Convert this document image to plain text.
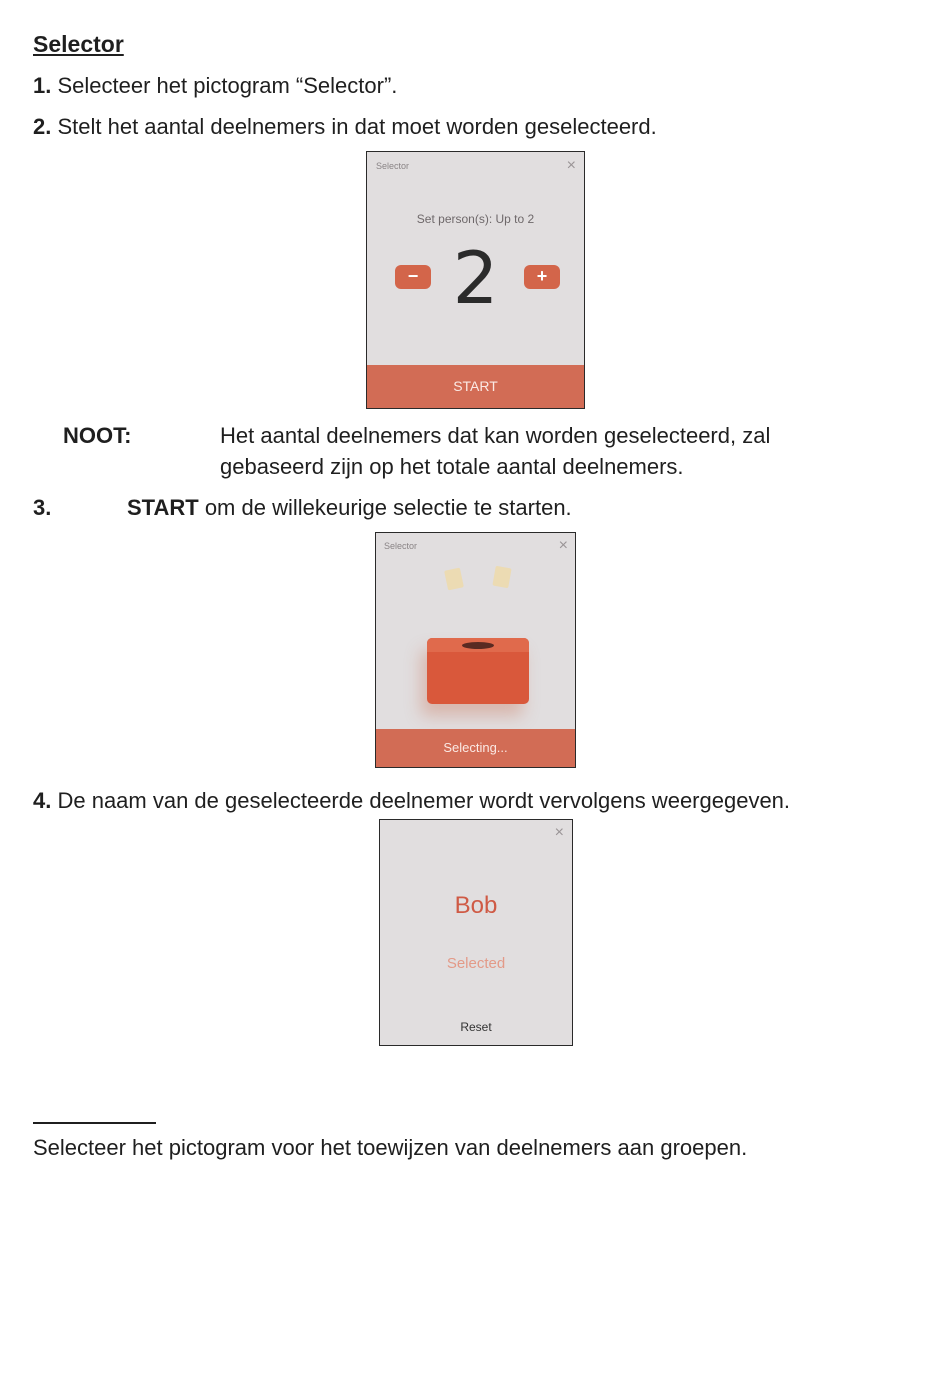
Selector
1. Selecteer het pictogram “Selector”.
2. Stelt het aantal deelnemers in dat moet worden geselecteerd.
Selector	×
Set person(s): Up to 2
− 2	+
START
NOOT:	Het aantal deelnemers dat kan worden geselecteerd, zal
gebaseerd zijn op het totale aantal deelnemers.
3.	START om de willekeurige selectie te starten.
Selector	×
Selecting...
4. De naam van de geselecteerde deelnemer wordt vervolgens weergegeven.
×
Bob
Selected
Reset
Selecteer het pictogram voor het toewijzen van deelnemers aan groepen.
